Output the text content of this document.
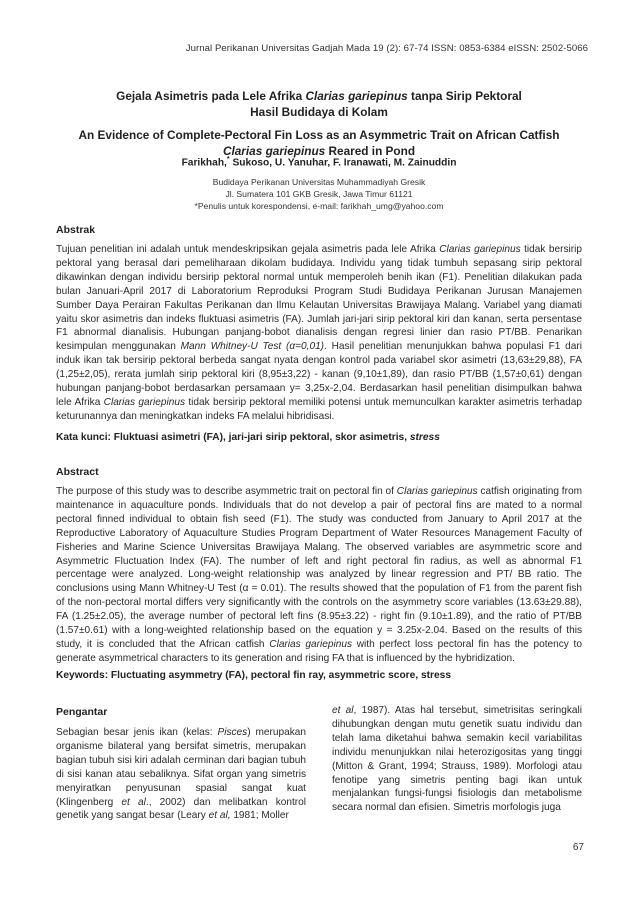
Jurnal Perikanan Universitas Gadjah Mada 19 (2): 67-74 ISSN: 0853-6384 eISSN: 2502-5066
Gejala Asimetris pada Lele Afrika Clarias gariepinus tanpa Sirip Pektoral
Hasil Budidaya di Kolam
An Evidence of Complete-Pectoral Fin Loss as an Asymmetric Trait on African Catfish
Clarias gariepinus Reared in Pond
Farikhah,* Sukoso, U. Yanuhar, F. Iranawati, M. Zainuddin
Budidaya Perikanan Universitas Muhammadiyah Gresik
Jl. Sumatera 101 GKB Gresik, Jawa Timur 61121
*Penulis untuk korespondensi, e-mail: farikhah_umg@yahoo.com
Abstrak
Tujuan penelitian ini adalah untuk mendeskripsikan gejala asimetris pada lele Afrika Clarias gariepinus tidak bersirip pektoral yang berasal dari pemeliharaan dikolam budidaya. Individu yang tidak tumbuh sepasang sirip pektoral dikawinkan dengan individu bersirip pektoral normal untuk memperoleh benih ikan (F1). Penelitian dilakukan pada bulan Januari-April 2017 di Laboratorium Reproduksi Program Studi Budidaya Perikanan Jurusan Manajemen Sumber Daya Perairan Fakultas Perikanan dan Ilmu Kelautan Universitas Brawijaya Malang. Variabel yang diamati yaitu skor asimetris dan indeks fluktuasi asimetris (FA). Jumlah jari-jari sirip pektoral kiri dan kanan, serta persentase F1 abnormal dianalisis. Hubungan panjang-bobot dianalisis dengan regresi linier dan rasio PT/BB. Penarikan kesimpulan menggunakan Mann Whitney-U Test (α=0,01). Hasil penelitian menunjukkan bahwa populasi F1 dari induk ikan tak bersirip pektoral berbeda sangat nyata dengan kontrol pada variabel skor asimetri (13,63±29,88), FA (1,25±2,05), rerata jumlah sirip pektoral kiri (8,95±3,22) - kanan (9,10±1,89), dan rasio PT/BB (1,57±0,61) dengan hubungan panjang-bobot berdasarkan persamaan y= 3,25x-2,04. Berdasarkan hasil penelitian disimpulkan bahwa lele Afrika Clarias gariepinus tidak bersirip pektoral memiliki potensi untuk memunculkan karakter asimetris terhadap keturunannya dan meningkatkan indeks FA melalui hibridisasi.
Kata kunci: Fluktuasi asimetri (FA), jari-jari sirip pektoral, skor asimetris, stress
Abstract
The purpose of this study was to describe asymmetric trait on pectoral fin of Clarias gariepinus catfish originating from maintenance in aquaculture ponds. Individuals that do not develop a pair of pectoral fins are mated to a normal pectoral finned individual to obtain fish seed (F1). The study was conducted from January to April 2017 at the Reproductive Laboratory of Aquaculture Studies Program Department of Water Resources Management Faculty of Fisheries and Marine Science Universitas Brawijaya Malang. The observed variables are asymmetric score and Asymmetric Fluctuation Index (FA). The number of left and right pectoral fin radius, as well as abnormal F1 percentage were analyzed. Long-weight relationship was analyzed by linear regression and PT/ BB ratio. The conclusions using Mann Whitney-U Test (α = 0.01). The results showed that the population of F1 from the parent fish of the non-pectoral mortal differs very significantly with the controls on the asymmetry score variables (13.63±29.88), FA (1.25±2.05), the average number of pectoral left fins (8.95±3.22) - right fin (9.10±1.89), and the ratio of PT/BB (1.57±0.61) with a long-weighted relationship based on the equation y = 3.25x-2.04. Based on the results of this study, it is concluded that the African catfish Clarias gariepinus with perfect loss pectoral fin has the potency to generate asymmetrical characters to its generation and rising FA that is influenced by the hybridization.
Keywords: Fluctuating asymmetry (FA), pectoral fin ray, asymmetric score, stress
Pengantar
Sebagian besar jenis ikan (kelas: Pisces) merupakan organisme bilateral yang bersifat simetris, merupakan bagian tubuh sisi kiri adalah cerminan dari bagian tubuh di sisi kanan atau sebaliknya. Sifat organ yang simetris menyiratkan penyusunan spasial sangat kuat (Klingenberg et al., 2002) dan melibatkan kontrol genetik yang sangat besar (Leary et al, 1981; Moller
et al, 1987). Atas hal tersebut, simetrisitas seringkali dihubungkan dengan mutu genetik suatu individu dan telah lama diketahui bahwa semakin kecil variabilitas individu menunjukkan nilai heterozigositas yang tinggi (Mitton & Grant, 1994; Strauss, 1989). Morfologi atau fenotipe yang simetris penting bagi ikan untuk menjalankan fungsi-fungsi fisiologis dan metabolisme secara normal dan efisien. Simetris morfologis juga
67
